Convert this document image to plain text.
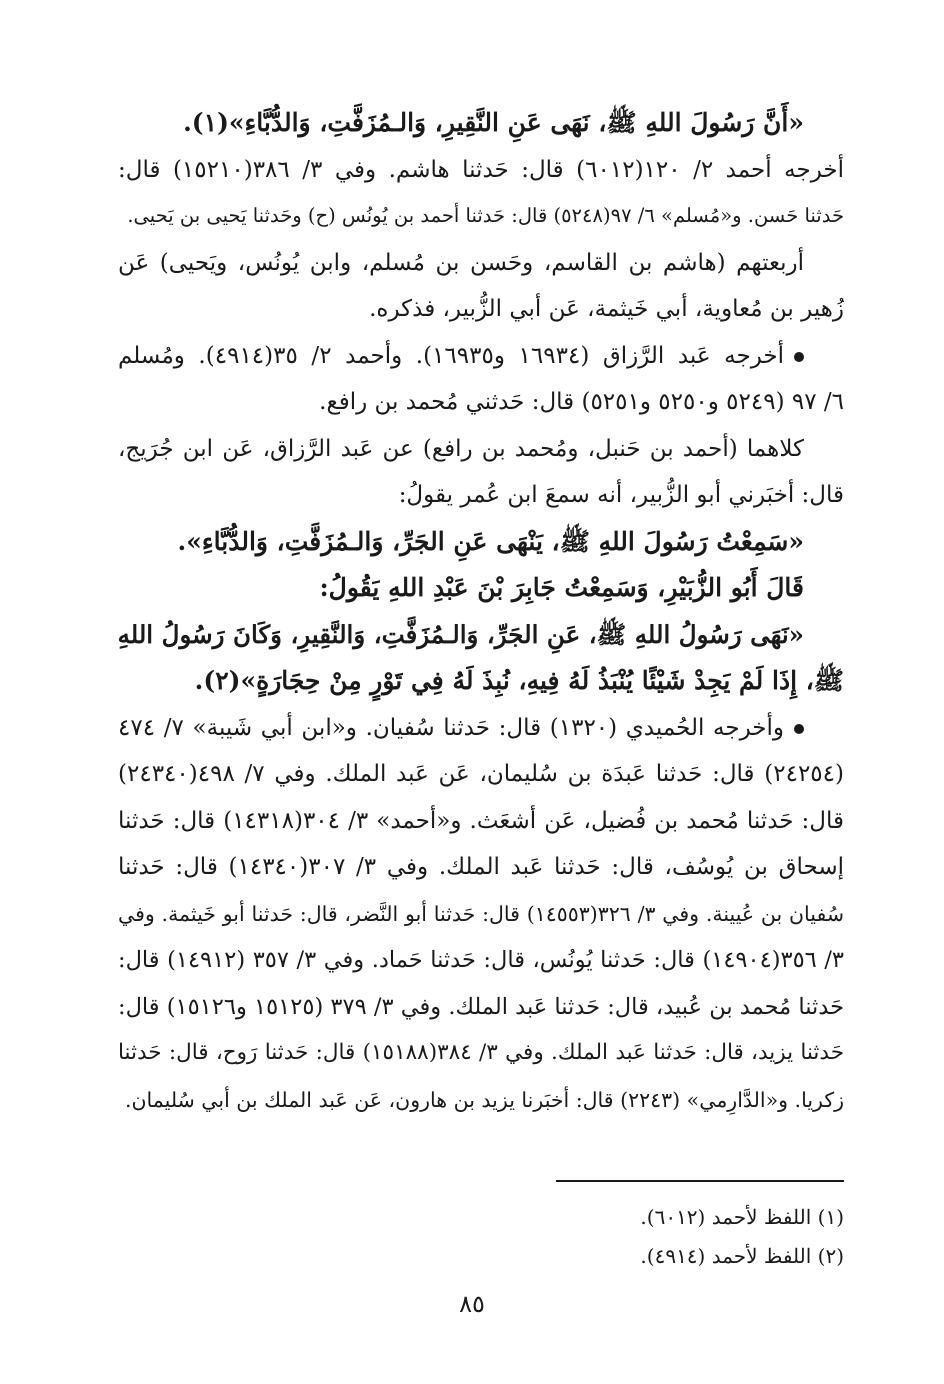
«أَنَّ رَسُولَ اللهِ ﷺ، نَهَى عَنِ النَّقِيرِ، وَالـمُزَفَّتِ، وَالدُّبَّاءِ»(١).
أخرجه أحمد ٢/ ١٢٠(٦٠١٢) قال: حَدثنا هاشم. وفي ٣/ ٣٨٦(١٥٢١٠) قال:
حَدثنا حَسن. و«مُسلم» ٦/ ٩٧(٥٢٤٨) قال: حَدثنا أحمد بن يُونُس (ح) وحَدثنا يَحيى بن يَحيى.
أربعتهم (هاشم بن القاسم، وحَسن بن مُسلم، وابن يُونُس، ويَحيى) عَن
زُهير بن مُعاوية، أبي خَيثمة، عَن أبي الزُّبير، فذكره.
أخرجه عَبد الرَّزاق (١٦٩٣٤ و١٦٩٣٥). وأحمد ٢/ ٣٥(٤٩١٤). ومُسلم
٦/ ٩٧ (٥٢٤٩ و٥٢٥٠ و٥٢٥١) قال: حَدثني مُحمد بن رافع.
كلاهما (أحمد بن حَنبل، ومُحمد بن رافع) عن عَبد الرَّزاق، عَن ابن جُرَيج،
قال: أخبَرني أبو الزُّبير، أنه سمعَ ابن عُمر يقولُ:
«سَمِعْتُ رَسُولَ اللهِ ﷺ، يَنْهَى عَنِ الجَرِّ، وَالـمُزَفَّتِ، وَالدُّبَّاءِ».
قَالَ أَبُو الزُّبَيْرِ، وَسَمِعْتُ جَابِرَ بْنَ عَبْدِ اللهِ يَقُولُ:
«نَهَى رَسُولُ اللهِ ﷺ، عَنِ الجَرِّ، وَالـمُزَفَّتِ، وَالنَّقِيرِ، وَكَانَ رَسُولُ اللهِ
ﷺ، إِذَا لَمْ يَجِدْ شَيْئًا يُنْبَذُ لَهُ فِيهِ، نُبِذَ لَهُ فِي تَوْرٍ مِنْ حِجَارَةٍ»(٢).
وأخرجه الحُميدي (١٣٢٠) قال: حَدثنا سُفيان. و«ابن أبي شَيبة» ٧/ ٤٧٤
(٢٤٢٥٤) قال: حَدثنا عَبدَة بن سُليمان، عَن عَبد الملك. وفي ٧/ ٤٩٨(٢٤٣٤٠)
قال: حَدثنا مُحمد بن فُضيل، عَن أشعَث. و«أحمد» ٣/ ٣٠٤(١٤٣١٨) قال: حَدثنا
إسحاق بن يُوسُف، قال: حَدثنا عَبد الملك. وفي ٣/ ٣٠٧(١٤٣٤٠) قال: حَدثنا
سُفيان بن عُيينة. وفي ٣/ ٣٢٦(١٤٥٥٣) قال: حَدثنا أبو النَّضر، قال: حَدثنا أبو خَيثمة. وفي
٣/ ٣٥٦(١٤٩٠٤) قال: حَدثنا يُونُس، قال: حَدثنا حَماد. وفي ٣/ ٣٥٧ (١٤٩١٢) قال:
حَدثنا مُحمد بن عُبيد، قال: حَدثنا عَبد الملك. وفي ٣/ ٣٧٩ (١٥١٢٥ و١٥١٢٦) قال:
حَدثنا يزيد، قال: حَدثنا عَبد الملك. وفي ٣/ ٣٨٤(١٥١٨٨) قال: حَدثنا رَوح، قال: حَدثنا
زكريا. و«الدَّارِمي» (٢٢٤٣) قال: أخبَرنا يزيد بن هارون، عَن عَبد الملك بن أبي سُليمان.
(١) اللفظ لأحمد (٦٠١٢).
(٢) اللفظ لأحمد (٤٩١٤).
٨٥
